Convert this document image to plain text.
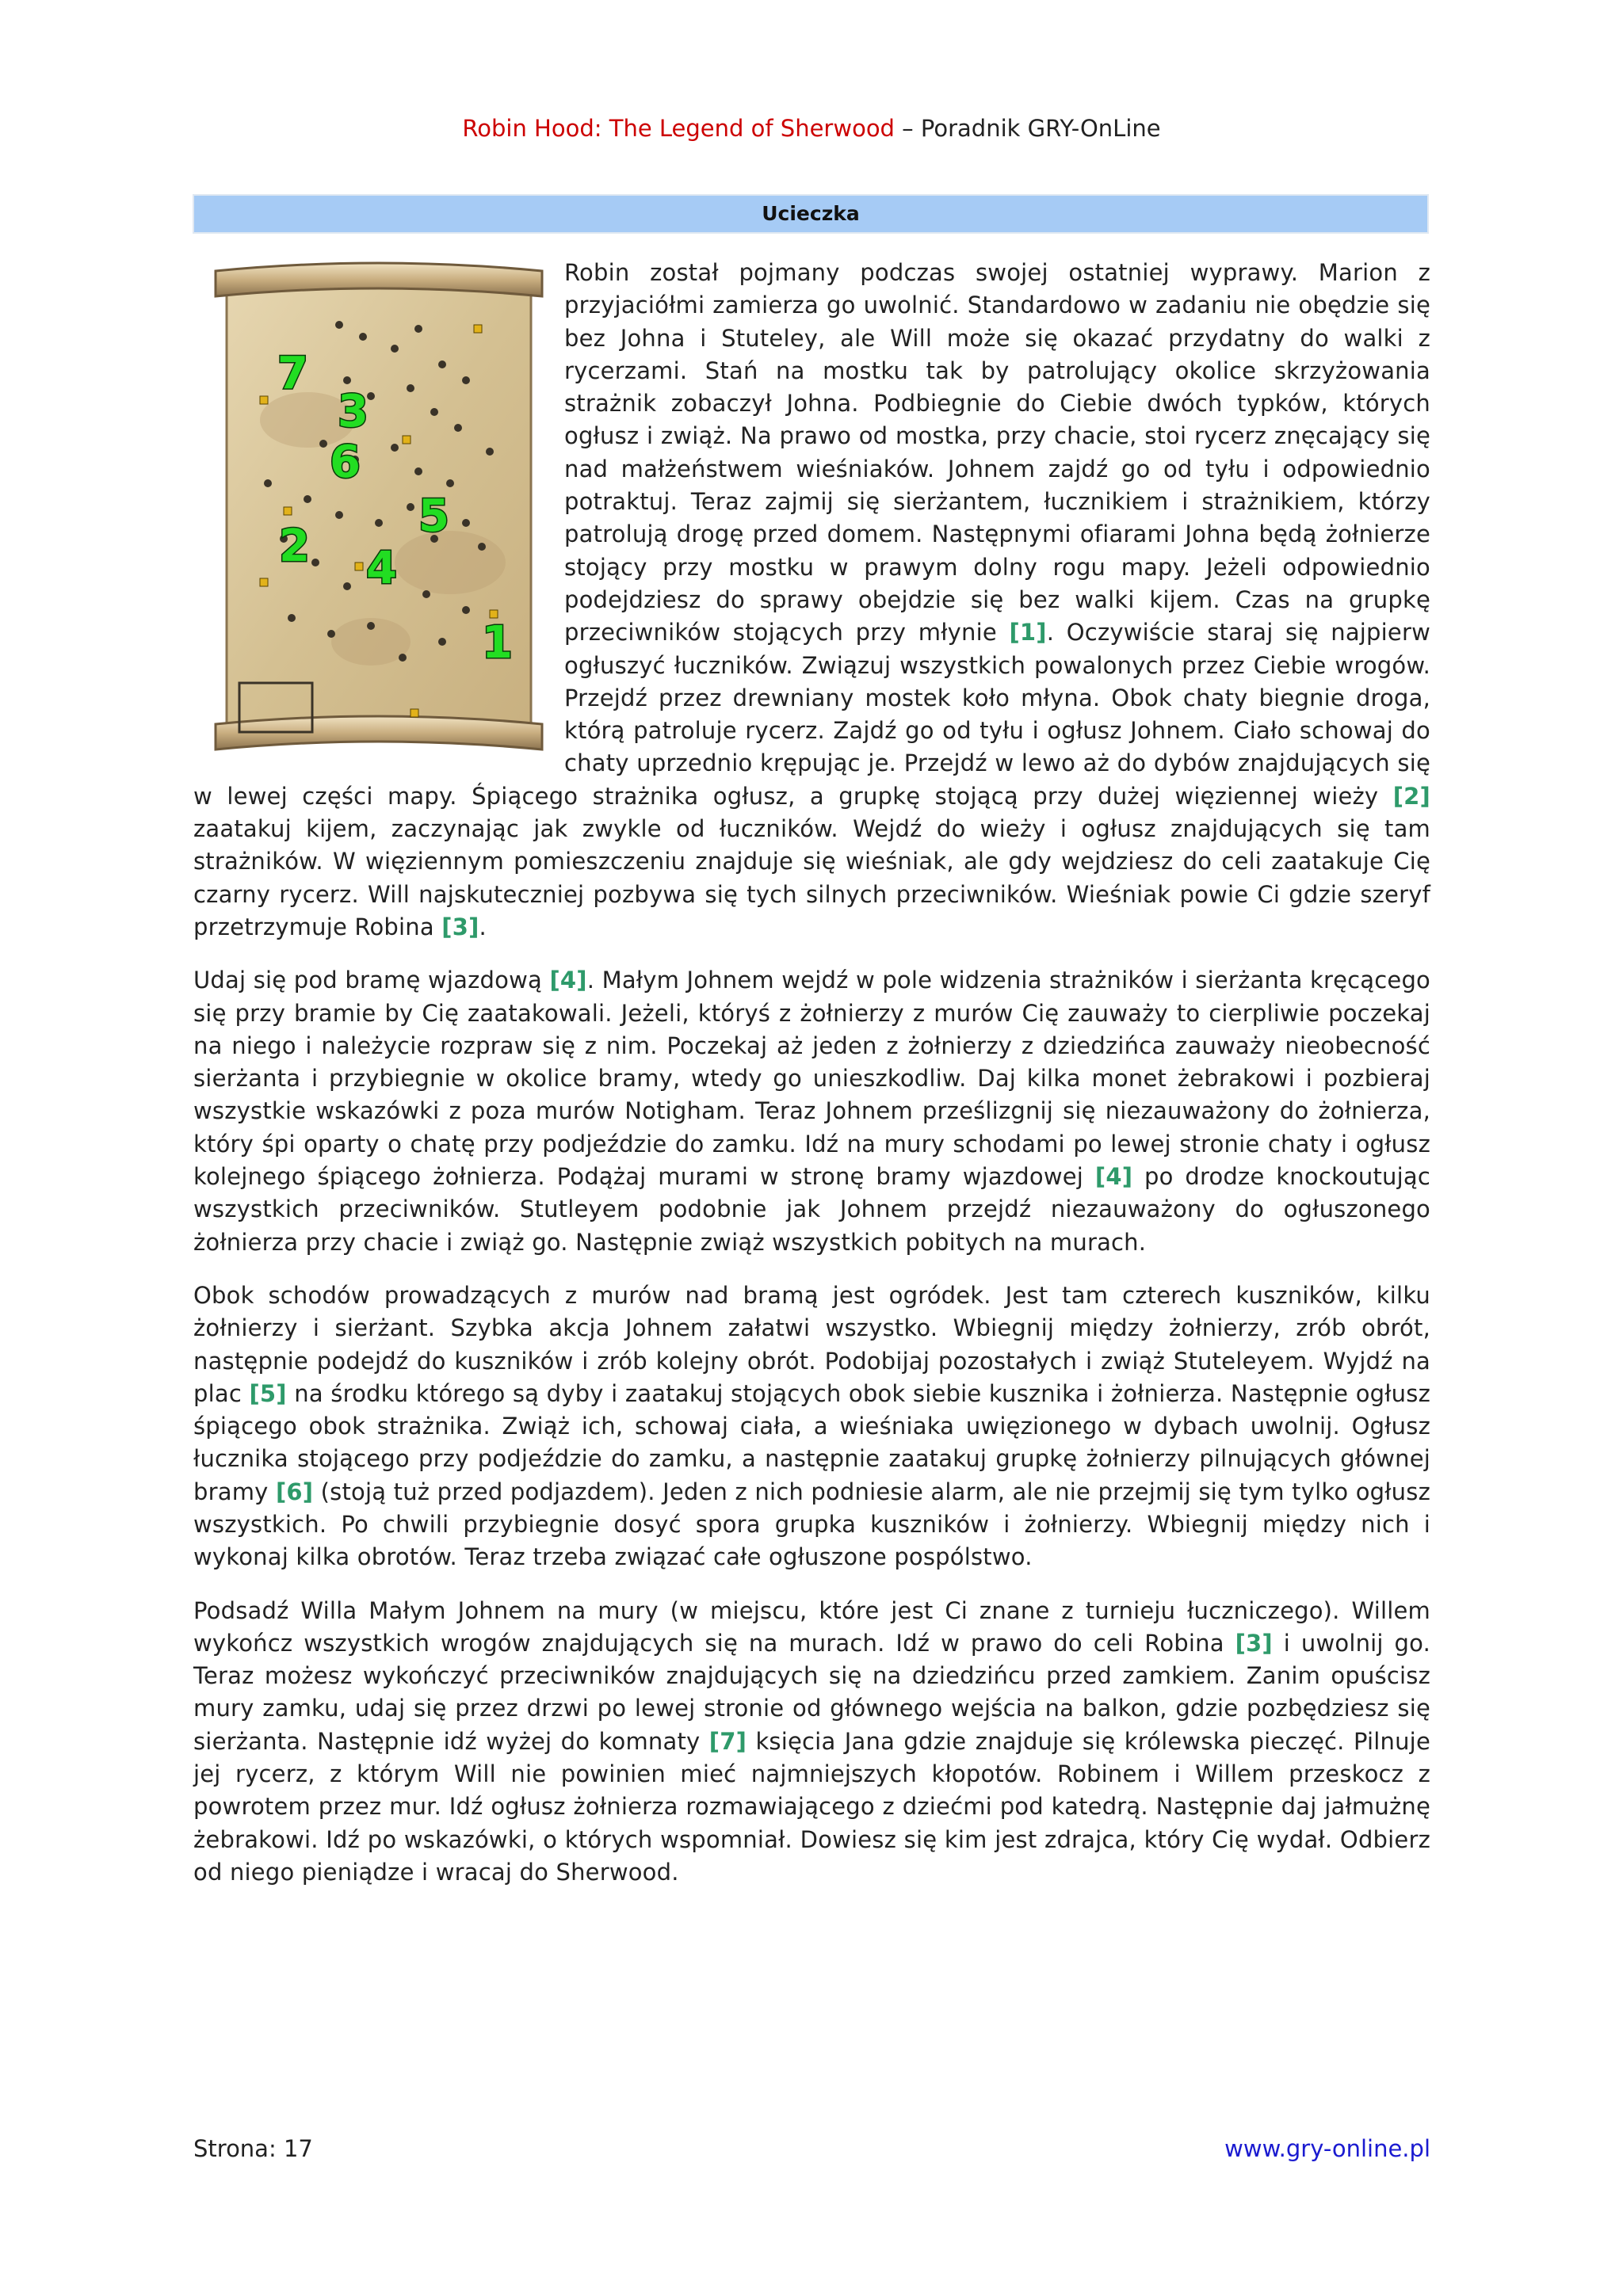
Robin Hood: The Legend of Sherwood – Poradnik GRY-OnLine
Ucieczka
7
3
6
5
2 4
1

Robin został pojmany podczas swojej ostatniej wyprawy. Marion z przyjaciółmi zamierza go uwolnić. Standardowo w zadaniu nie obędzie się bez Johna i Stuteley, ale Will może się okazać przydatny do walki z rycerzami. Stań na mostku tak by patrolujący okolice skrzyżowania strażnik zobaczył Johna. Podbiegnie do Ciebie dwóch typków, których ogłusz i zwiąż. Na prawo od mostka, przy chacie, stoi rycerz znęcający się nad małżeństwem wieśniaków. Johnem zajdź go od tyłu i odpowiednio potraktuj. Teraz zajmij się sierżantem, łucznikiem i strażnikiem, którzy patrolują drogę przed domem. Następnymi ofiarami Johna będą żołnierze stojący przy mostku w prawym dolny rogu mapy. Jeżeli odpowiednio podejdziesz do sprawy obejdzie się bez walki kijem. Czas na grupkę przeciwników stojących przy młynie [1]. Oczywiście staraj się najpierw ogłuszyć łuczników. Związuj wszystkich powalonych przez Ciebie wrogów. Przejdź przez drewniany mostek koło młyna. Obok chaty biegnie droga, którą patroluje rycerz. Zajdź go od tyłu i ogłusz Johnem. Ciało schowaj do chaty uprzednio krępując je. Przejdź w lewo aż do dybów znajdujących się w lewej części mapy. Śpiącego strażnika ogłusz, a grupkę stojącą przy dużej więziennej wieży [2] zaatakuj kijem, zaczynając jak zwykle od łuczników. Wejdź do wieży i ogłusz znajdujących się tam strażników. W więziennym pomieszczeniu znajduje się wieśniak, ale gdy wejdziesz do celi zaatakuje Cię czarny rycerz. Will najskuteczniej pozbywa się tych silnych przeciwników. Wieśniak powie Ci gdzie szeryf przetrzymuje Robina [3].

Udaj się pod bramę wjazdową [4]. Małym Johnem wejdź w pole widzenia strażników i sierżanta kręcącego się przy bramie by Cię zaatakowali. Jeżeli, któryś z żołnierzy z murów Cię zauważy to cierpliwie poczekaj na niego i należycie rozpraw się z nim. Poczekaj aż jeden z żołnierzy z dziedzińca zauważy nieobecność sierżanta i przybiegnie w okolice bramy, wtedy go unieszkodliw. Daj kilka monet żebrakowi i pozbieraj wszystkie wskazówki z poza murów Notigham. Teraz Johnem prześlizgnij się niezauważony do żołnierza, który śpi oparty o chatę przy podjeździe do zamku. Idź na mury schodami po lewej stronie chaty i ogłusz kolejnego śpiącego żołnierza. Podążaj murami w stronę bramy wjazdowej [4] po drodze knockoutując wszystkich przeciwników. Stutleyem podobnie jak Johnem przejdź niezauważony do ogłuszonego żołnierza przy chacie i zwiąż go. Następnie zwiąż wszystkich pobitych na murach.

Obok schodów prowadzących z murów nad bramą jest ogródek. Jest tam czterech kuszników, kilku żołnierzy i sierżant. Szybka akcja Johnem załatwi wszystko. Wbiegnij między żołnierzy, zrób obrót, następnie podejdź do kuszników i zrób kolejny obrót. Podobijaj pozostałych i zwiąż Stuteleyem. Wyjdź na plac [5] na środku którego są dyby i zaatakuj stojących obok siebie kusznika i żołnierza. Następnie ogłusz śpiącego obok strażnika. Zwiąż ich, schowaj ciała, a wieśniaka uwięzionego w dybach uwolnij. Ogłusz łucznika stojącego przy podjeździe do zamku, a następnie zaatakuj grupkę żołnierzy pilnujących głównej bramy [6] (stoją tuż przed podjazdem). Jeden z nich podniesie alarm, ale nie przejmij się tym tylko ogłusz wszystkich. Po chwili przybiegnie dosyć spora grupka kuszników i żołnierzy. Wbiegnij między nich i wykonaj kilka obrotów. Teraz trzeba związać całe ogłuszone pospólstwo.

Podsadź Willa Małym Johnem na mury (w miejscu, które jest Ci znane z turnieju łuczniczego). Willem wykończ wszystkich wrogów znajdujących się na murach. Idź w prawo do celi Robina [3] i uwolnij go. Teraz możesz wykończyć przeciwników znajdujących się na dziedzińcu przed zamkiem. Zanim opuścisz mury zamku, udaj się przez drzwi po lewej stronie od głównego wejścia na balkon, gdzie pozbędziesz się sierżanta. Następnie idź wyżej do komnaty [7] księcia Jana gdzie znajduje się królewska pieczęć. Pilnuje jej rycerz, z którym Will nie powinien mieć najmniejszych kłopotów. Robinem i Willem przeskocz z powrotem przez mur. Idź ogłusz żołnierza rozmawiającego z dziećmi pod katedrą. Następnie daj jałmużnę żebrakowi. Idź po wskazówki, o których wspomniał. Dowiesz się kim jest zdrajca, który Cię wydał. Odbierz od niego pieniądze i wracaj do Sherwood.

Strona: 17	www.gry-online.pl
